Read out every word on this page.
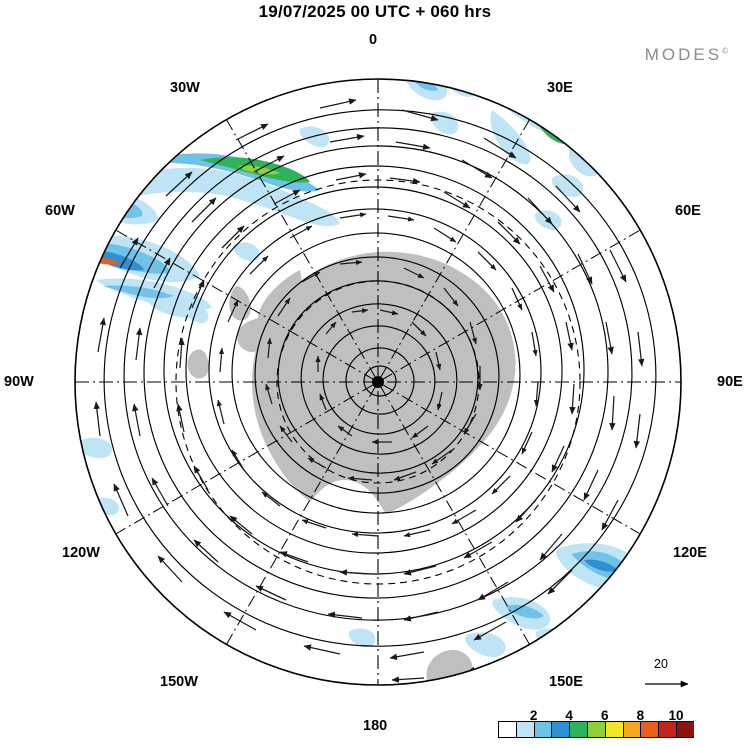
19/07/2025 00 UTC + 060 hrs
MODES©
0
30E
60E
90E
120E
150E
180
150W
120W
90W
60W
30W
20
2 4 6 8 10
